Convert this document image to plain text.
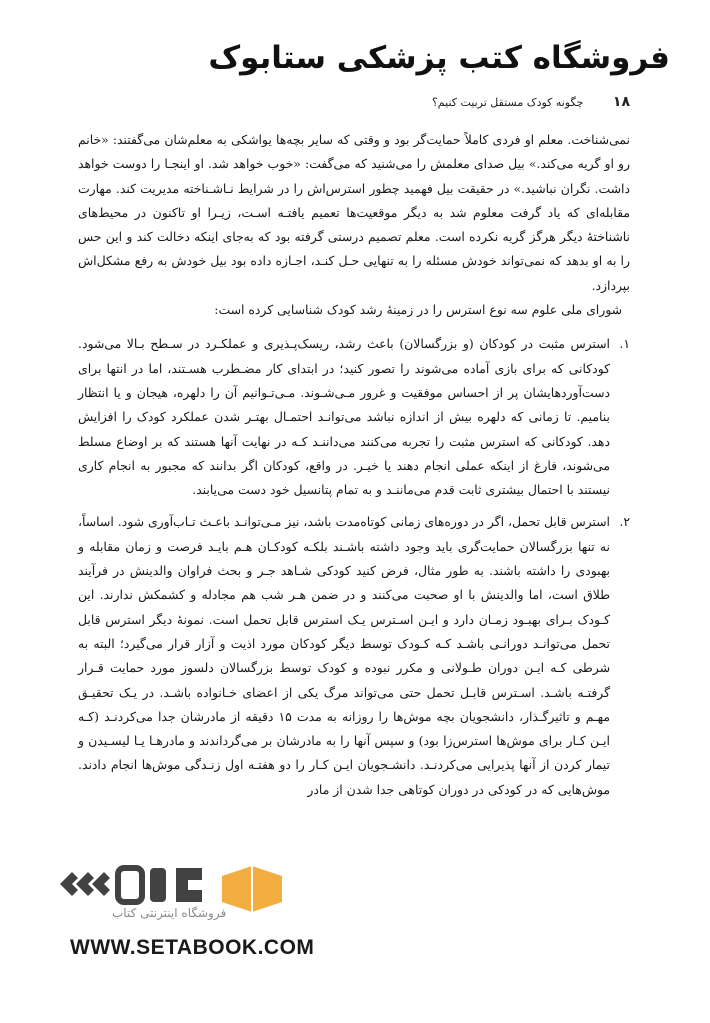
فروشگاه کتب پزشکی ستابوک
۱۸ چگونه کودک مستقل تربیت کنیم؟

نمی‌شناخت. معلم او فردی کاملاً حمایت‌گر بود و وقتی که سایر بچه‌ها یواشکی به معلم‌شان می‌گفتند: «خانم رو او گریه می‌کند.» بیل صدای معلمش را می‌شنید که می‌گفت: «خوب خواهد شد. او اینجـا را دوست خواهد داشت. نگران نباشید.» در حقیقت بیل فهمید چطور استرس‌اش را در شرایط نـاشـناخته مدیریت کند. مهارت مقابله‌ای که یاد گرفت معلوم شد به دیگر موقعیت‌ها تعمیم یافتـه اسـت، زیـرا او تاکنون در محیط‌های ناشناختهٔ دیگر هرگز گریه نکرده است. معلم تصمیم درستی گرفته بود که به‌جای اینکه دخالت کند و این حس را به او بدهد که نمی‌تواند خودش مسئله را به تنهایی حـل کنـد، اجـازه داده بود بیل خودش به رفع مشکل‌اش بپردازد.

شورای ملی علوم سه نوع استرس را در زمینهٔ رشد کودک شناسایی کرده است:

۱.
استرس مثبت در کودکان (و بزرگسالان) باعث رشد، ریسک‌پـذیری و عملکـرد در سـطح بـالا می‌شود. کودکانی که برای بازی آماده می‌شوند را تصور کنید؛ در ابتدای کار مضـطرب هسـتند، اما در انتها برای دست‌آوردهایشان پر از احساس موفقیت و غرور مـی‌شـوند. مـی‌تـوانیم آن را دلهره، هیجان و یا انتظار بنامیم. تا زمانی که دلهره بیش از اندازه نباشد می‌توانـد احتمـال بهتـر شدن عملکرد کودک را افزایش دهد. کودکانی که استرس مثبت را تجربه می‌کنند می‌داننـد کـه در نهایت آنها هستند که بر اوضاع مسلط می‌شوند، فارغ از اینکه عملی انجام دهند یا خیـر. در واقع، کودکان اگر بدانند که مجبور به انجام کاری نیستند با احتمال بیشتری ثابت قدم می‌ماننـد و به تمام پتانسیل خود دست می‌یابند.
۲.
استرس قابل تحمل، اگر در دوره‌های زمانی کوتاه‌مدت باشد، نیز مـی‌توانـد باعـث تـاب‌آوری شود. اساساً، نه تنها بزرگسالان حمایت‌گری باید وجود داشته باشـند بلکـه کودکـان هـم بایـد فرصت و زمان مقابله و بهبودی را داشته باشند. به طور مثال، فرض کنید کودکی شـاهد جـر و بحث فراوان والدینش در فرآیند طلاق است، اما والدینش با او صحبت می‌کنند و در ضمن هـر شب هم مجادله و کشمکش ندارند. این کـودک بـرای بهبـود زمـان دارد و ایـن اسـترس یـک استرس قابل تحمل است. نمونهٔ دیگر استرس قابل تحمل می‌توانـد دورانـی باشـد کـه کـودک توسط دیگر کودکان مورد اذیت و آزار قرار می‌گیرد؛ البته به شرطی کـه ایـن دوران طـولانی و مکرر نبوده و کودک توسط بزرگسالان دلسوز مورد حمایت قـرار گرفتـه باشـد. اسـترس قابـل تحمل حتی می‌تواند مرگ یکی از اعضای خـانواده باشـد. در یـک تحقیـق مهـم و تاثیرگـذار، دانشجویان بچه موش‌ها را روزانه به مدت ۱۵ دقیقه از مادرشان جدا می‌کردنـد (کـه ایـن کـار برای موش‌ها استرس‌زا بود) و سپس آنها را به مادرشان بر می‌گرداندند و مادرهـا یـا لیسـیدن و تیمار کردن از آنها پذیرایی می‌کردنـد. دانشـجویان ایـن کـار را دو هفتـه اول زنـدگی موش‌ها انجام دادند. موش‌هایی که در کودکی در دوران کوتاهی جدا شدن از مادر
فروشگاه اینترنتی کتاب
WWW.SETABOOK.COM
